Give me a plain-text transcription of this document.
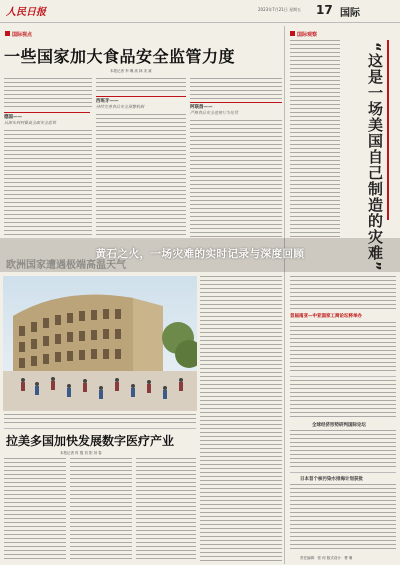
人民日报	2023年7月21日 星期五 17 国际
国际视点
一些国家加大食品安全监管力度
本报记者 李 琳 高 林 宋 斌
德国——
从源头到到餐桌全面安全监管
西班牙——
持续完善食品安全预警机制	阿联酋——
严格食品安全违规行为处罚
国际观察
“这是一场美国自己制造的灾难”
欧洲国家遭遇极端高温天气
黄石之火，一场灾难的实时记录与深度回顾
拉美多国加快发展数字医疗产业
本报记者 时 殷 初 阳 刘 春
首届南亚—中亚国家工商论坛将举办
全球经济形势研判国际论坛
日本首个核污染水排海计划获批
责任编辑：张 何 版式设计：曹 珊
